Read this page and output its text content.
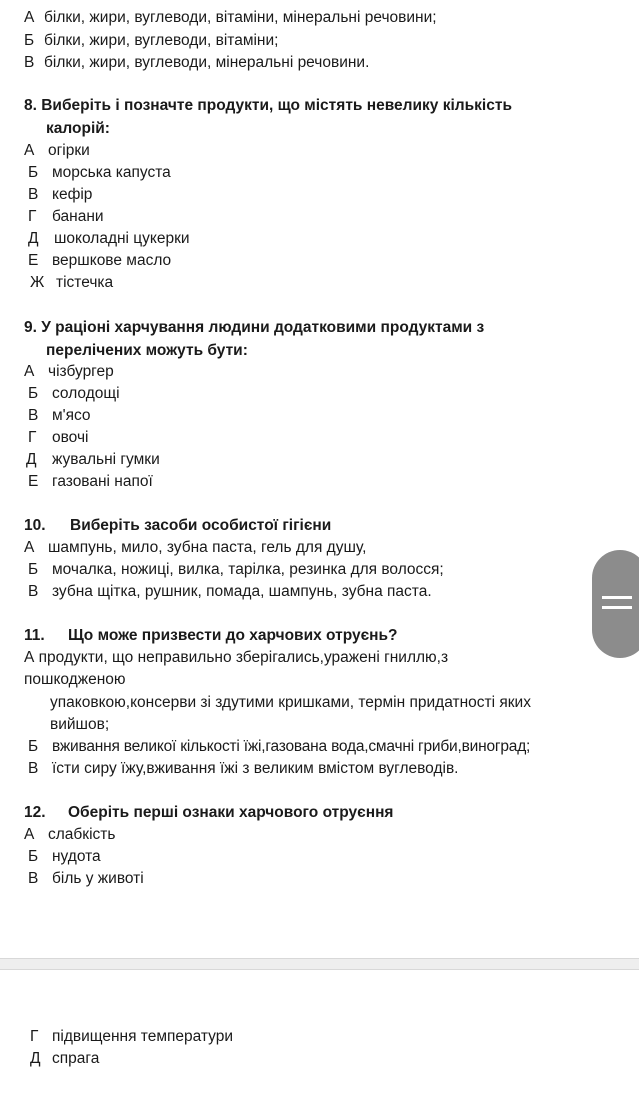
А білки, жири, вуглеводи, вітаміни, мінеральні речовини;
Б білки, жири, вуглеводи, вітаміни;
В білки, жири, вуглеводи, мінеральні речовини.
8. Виберіть і позначте продукти, що містять невелику кількість
калорій:
А огірки
Б морська капуста
В кефір
Г банани
Д шоколадні цукерки
Е вершкове масло
Ж тістечка
9. У раціоні харчування людини додатковими продуктами з
перелічених можуть бути:
А чізбургер
Б солодощі
В м'ясо
Г овочі
Д жувальні гумки
Е газовані напої
10. Виберіть засоби особистої гігієни
А шампунь, мило, зубна паста, гель для душу,
Б мочалка, ножиці, вилка, тарілка, резинка для волосся;
В зубна щітка, рушник, помада, шампунь, зубна паста.
11. Що може призвести до харчових отруєнь?
А продукти, що неправильно зберігались,уражені гниллю,з
пошкодженою
упаковкою,консерви зі здутими кришками, термін придатності яких
вийшов;
Б вживання великої кількості їжі,газована вода,смачні гриби,виноград;
В їсти сиру їжу,вживання їжі з великим вмістом вуглеводів.
12. Оберіть перші ознаки харчового отруєння
А слабкість
Б нудота
В біль у животі
Г підвищення температури
Д спрага
